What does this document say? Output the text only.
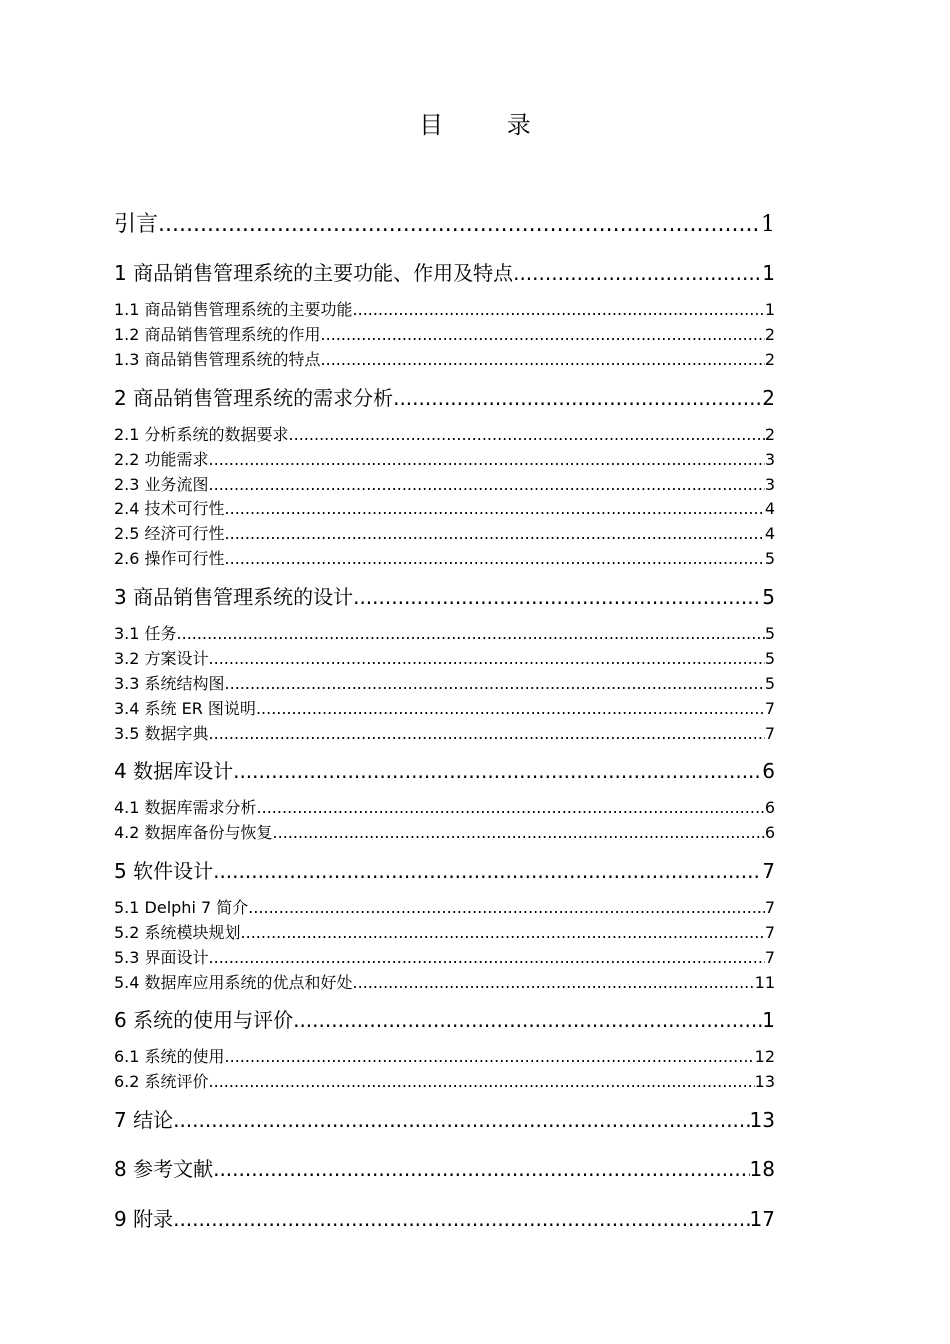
目 录
引言 .....	1
1 商品销售管理系统的主要功能、作用及特点 .....	1
1.1 商品销售管理系统的主要功能 .....	1
1.2 商品销售管理系统的作用 .....	2
1.3 商品销售管理系统的特点 .....	2
2 商品销售管理系统的需求分析 .....	2
2.1 分析系统的数据要求 .....	2
2.2 功能需求 .....	3
2.3 业务流图 .....	3
2.4 技术可行性 .....	4
2.5 经济可行性 .....	4
2.6 操作可行性 .....	5
3 商品销售管理系统的设计 .....	5
3.1 任务 .....	5
3.2 方案设计 .....	5
3.3 系统结构图 .....	5
3.4 系统 ER 图说明 .....	7
3.5 数据字典 .....	7
4 数据库设计 .....	6
4.1 数据库需求分析 .....	6
4.2 数据库备份与恢复 .....	6
5 软件设计 .....	7
5.1 Delphi 7 简介 .....	7
5.2 系统模块规划 .....	7
5.3 界面设计 .....	7
5.4 数据库应用系统的优点和好处 .....	11
6 系统的使用与评价 .....	1
6.1 系统的使用 .....	12
6.2 系统评价 .....	13
7 结论 .....	13
8 参考文献 .....	18
9 附录 .....	17
